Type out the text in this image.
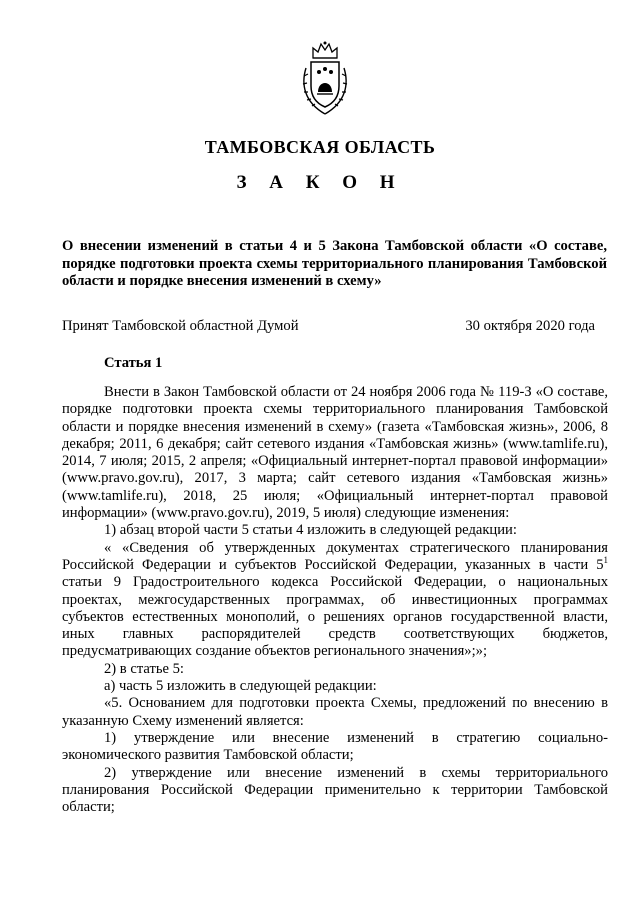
ТАМБОВСКАЯ ОБЛАСТЬ
З А К О Н
О внесении изменений в статьи 4 и 5 Закона Тамбовской области «О составе, порядке подготовки проекта схемы территориального планирования Тамбовской области и порядке внесения изменений в схему»
Принят Тамбовской областной Думой	30 октября 2020 года
Статья 1

Внести в Закон Тамбовской области от 24 ноября 2006 года № 119-З «О составе, порядке подготовки проекта схемы территориального планирования Тамбовской области и порядке внесения изменений в схему» (газета «Тамбовская жизнь», 2006, 8 декабря; 2011, 6 декабря; сайт сетевого издания «Тамбовская жизнь» (www.tamlife.ru), 2014, 7 июля; 2015, 2 апреля; «Официальный интернет-портал правовой информации» (www.pravo.gov.ru), 2017, 3 марта; сайт сетевого издания «Тамбовская жизнь» (www.tamlife.ru), 2018, 25 июля; «Официальный интернет-портал правовой информации» (www.pravo.gov.ru), 2019, 5 июля) следующие изменения:

1) абзац второй части 5 статьи 4 изложить в следующей редакции:

« «Сведения об утвержденных документах стратегического планирования Российской Федерации и субъектов Российской Федерации, указанных в части $5^1$ статьи 9 Градостроительного кодекса Российской Федерации, о национальных проектах, межгосударственных программах, об инвестиционных программах субъектов естественных монополий, о решениях органов государственной власти, иных главных распорядителей средств соответствующих бюджетов, предусматривающих создание объектов регионального значения»;»;

2) в статье 5:

а) часть 5 изложить в следующей редакции:

«5. Основанием для подготовки проекта Схемы, предложений по внесению в указанную Схему изменений является:

1) утверждение или внесение изменений в стратегию социально-экономического развития Тамбовской области;

2) утверждение или внесение изменений в схемы территориального планирования Российской Федерации применительно к территории Тамбовской области;
